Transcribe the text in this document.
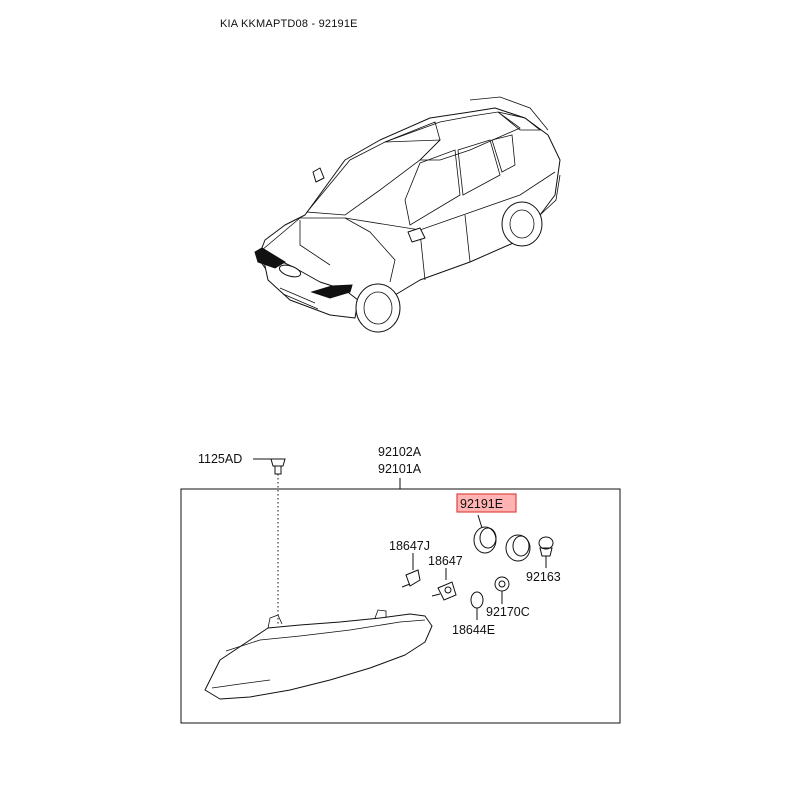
KIA KKMAPTD08 - 92191E
1125AD	92102A
92101A
92191E
18647J
18647
92163
92170C
18644E
